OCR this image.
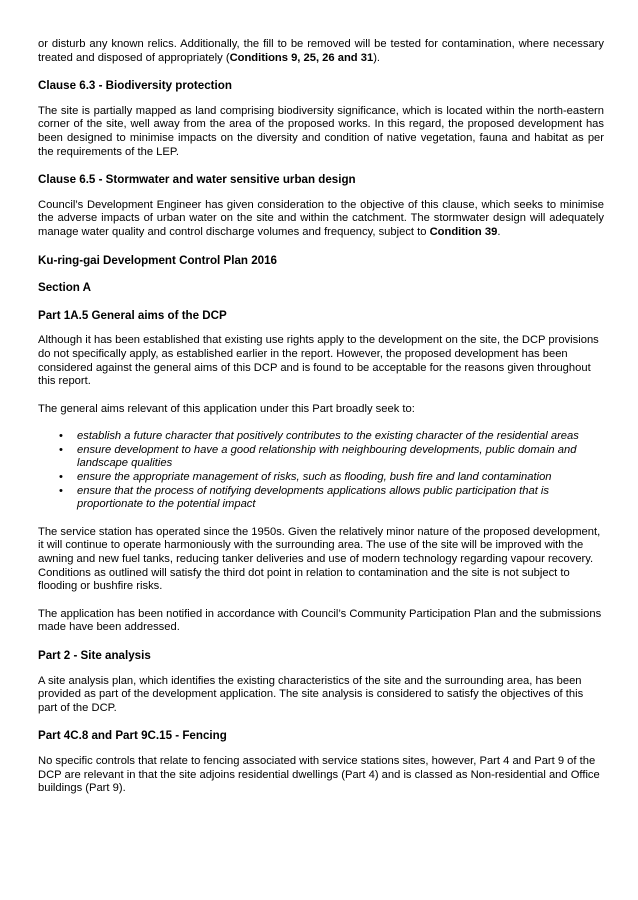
or disturb any known relics. Additionally, the fill to be removed will be tested for contamination, where necessary treated and disposed of appropriately (Conditions 9, 25, 26 and 31).

Clause 6.3 - Biodiversity protection

The site is partially mapped as land comprising biodiversity significance, which is located within the north-eastern corner of the site, well away from the area of the proposed works. In this regard, the proposed development has been designed to minimise impacts on the diversity and condition of native vegetation, fauna and habitat as per the requirements of the LEP.

Clause 6.5 - Stormwater and water sensitive urban design

Council’s Development Engineer has given consideration to the objective of this clause, which seeks to minimise the adverse impacts of urban water on the site and within the catchment. The stormwater design will adequately manage water quality and control discharge volumes and frequency, subject to Condition 39.

Ku-ring-gai Development Control Plan 2016

Section A

Part 1A.5 General aims of the DCP

Although it has been established that existing use rights apply to the development on the site, the DCP provisions do not specifically apply, as established earlier in the report. However, the proposed development has been considered against the general aims of this DCP and is found to be acceptable for the reasons given throughout this report.

The general aims relevant of this application under this Part broadly seek to:

• establish a future character that positively contributes to the existing character of the residential areas
• ensure development to have a good relationship with neighbouring developments, public domain and landscape qualities
• ensure the appropriate management of risks, such as flooding, bush fire and land contamination
• ensure that the process of notifying developments applications allows public participation that is proportionate to the potential impact

The service station has operated since the 1950s. Given the relatively minor nature of the proposed development, it will continue to operate harmoniously with the surrounding area. The use of the site will be improved with the awning and new fuel tanks, reducing tanker deliveries and use of modern technology regarding vapour recovery. Conditions as outlined will satisfy the third dot point in relation to contamination and the site is not subject to flooding or bushfire risks.

The application has been notified in accordance with Council’s Community Participation Plan and the submissions made have been addressed.

Part 2 - Site analysis

A site analysis plan, which identifies the existing characteristics of the site and the surrounding area, has been provided as part of the development application. The site analysis is considered to satisfy the objectives of this part of the DCP.

Part 4C.8 and Part 9C.15 - Fencing

No specific controls that relate to fencing associated with service stations sites, however, Part 4 and Part 9 of the DCP are relevant in that the site adjoins residential dwellings (Part 4) and is classed as Non-residential and Office buildings (Part 9).
